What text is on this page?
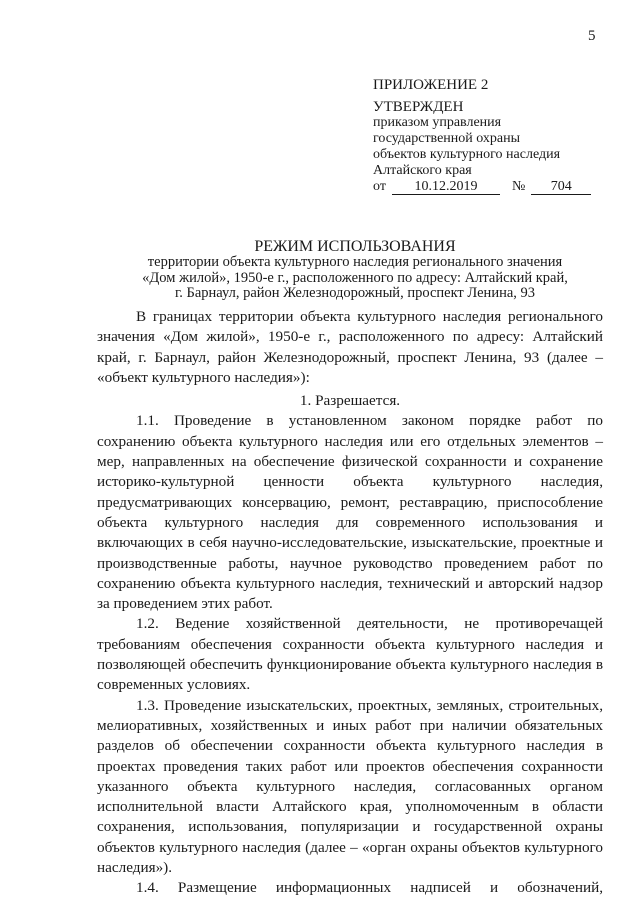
5
ПРИЛОЖЕНИЕ 2
УТВЕРЖДЕН
приказом управления
государственной охраны
объектов культурного наследия
Алтайского края
от	10.12.2019	№	704
РЕЖИМ ИСПОЛЬЗОВАНИЯ
территории объекта культурного наследия регионального значения
«Дом жилой», 1950-е г., расположенного по адресу: Алтайский край,
г. Барнаул, район Железнодорожный, проспект Ленина, 93

В границах территории объекта культурного наследия регионального значения «Дом жилой», 1950-е г., расположенного по адресу: Алтайский край, г. Барнаул, район Железнодорожный, проспект Ленина, 93 (далее – «объект культурного наследия»):

1. Разрешается.

1.1. Проведение в установленном законом порядке работ по сохранению объекта культурного наследия или его отдельных элементов – мер, направленных на обеспечение физической сохранности и сохранение историко-культурной ценности объекта культурного наследия, предусматривающих консервацию, ремонт, реставрацию, приспособление объекта культурного наследия для современного использования и включающих в себя научно-исследовательские, изыскательские, проектные и производственные работы, научное руководство проведением работ по сохранению объекта культурного наследия, технический и авторский надзор за проведением этих работ.

1.2. Ведение хозяйственной деятельности, не противоречащей требованиям обеспечения сохранности объекта культурного наследия и позволяющей обеспечить функционирование объекта культурного наследия в современных условиях.

1.3. Проведение изыскательских, проектных, земляных, строительных, мелиоративных, хозяйственных и иных работ при наличии обязательных разделов об обеспечении сохранности объекта культурного наследия в проектах проведения таких работ или проектов обеспечения сохранности указанного объекта культурного наследия, согласованных органом исполнительной власти Алтайского края, уполномоченным в области сохранения, использования, популяризации и государственной охраны объектов культурного наследия (далее – «орган охраны объектов культурного наследия»).

1.4. Размещение информационных надписей и обозначений,
